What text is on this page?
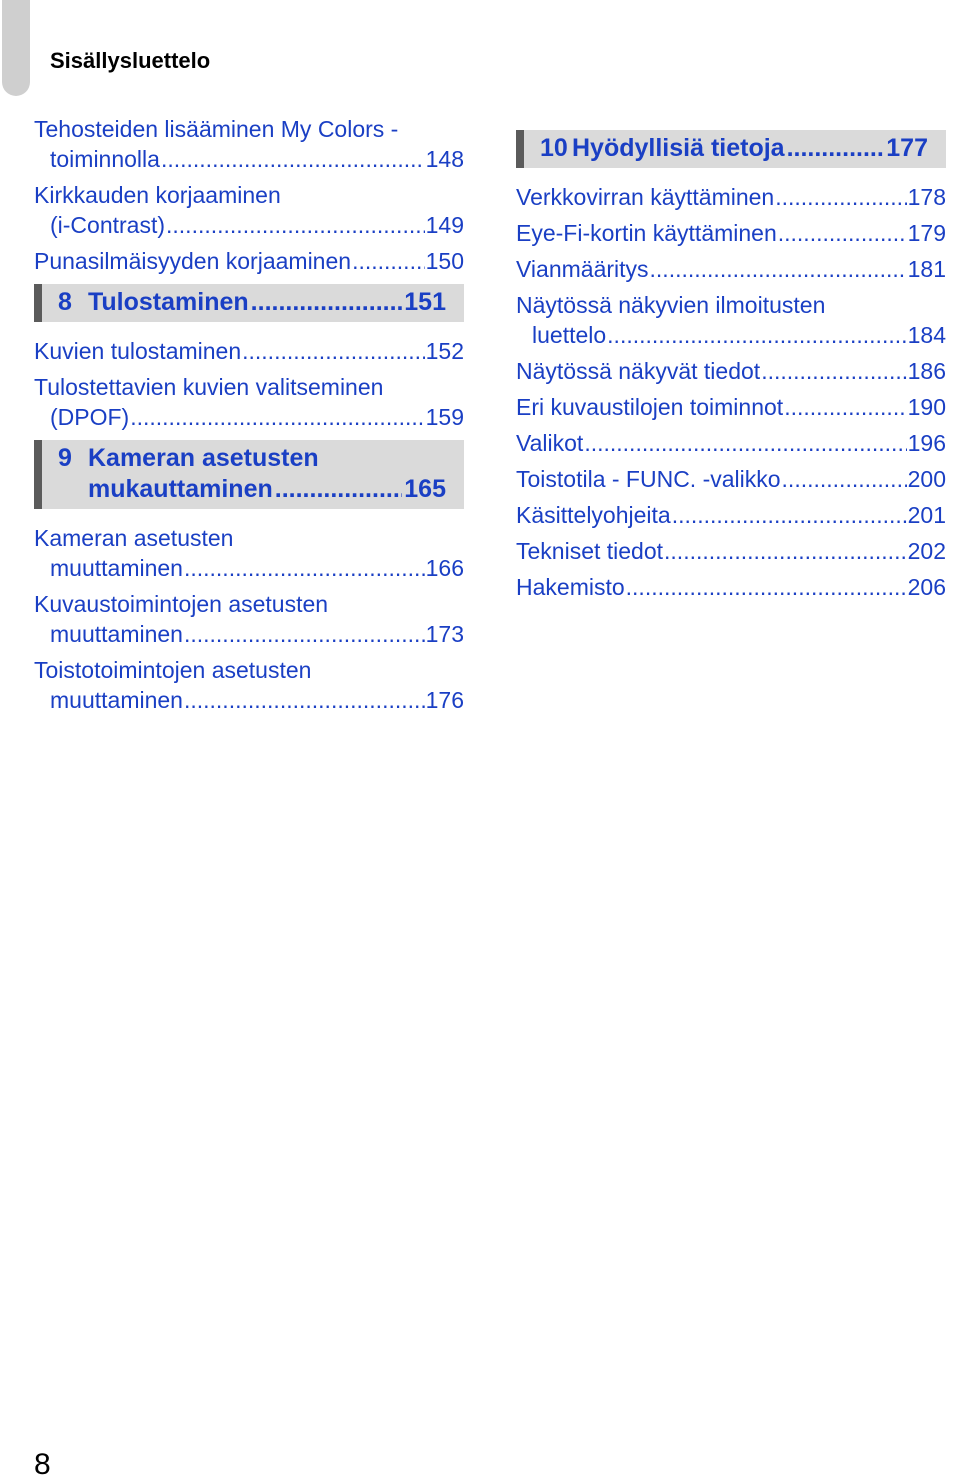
Sisällysluettelo
Tehosteiden lisääminen My Colors -
toiminnolla .....	148
Kirkkauden korjaaminen
(i-Contrast) .....	149
Punasilmäisyyden korjaaminen .....	150
8 Tulostaminen .....	151
Kuvien tulostaminen .....	152
Tulostettavien kuvien valitseminen
(DPOF) .....	159
9 Kameran asetusten
mukauttaminen .....	165
Kameran asetusten
muuttaminen .....	166
Kuvaustoimintojen asetusten
muuttaminen .....	173
Toistotoimintojen asetusten
muuttaminen .....	176
10 Hyödyllisiä tietoja .....	177
Verkkovirran käyttäminen .....	178
Eye-Fi-kortin käyttäminen .....	179
Vianmääritys .....	181
Näytössä näkyvien ilmoitusten
luettelo .....	184
Näytössä näkyvät tiedot .....	186
Eri kuvaustilojen toiminnot .....	190
Valikot .....	196
Toistotila - FUNC. -valikko .....	200
Käsittelyohjeita .....	201
Tekniset tiedot .....	202
Hakemisto .....	206
8
